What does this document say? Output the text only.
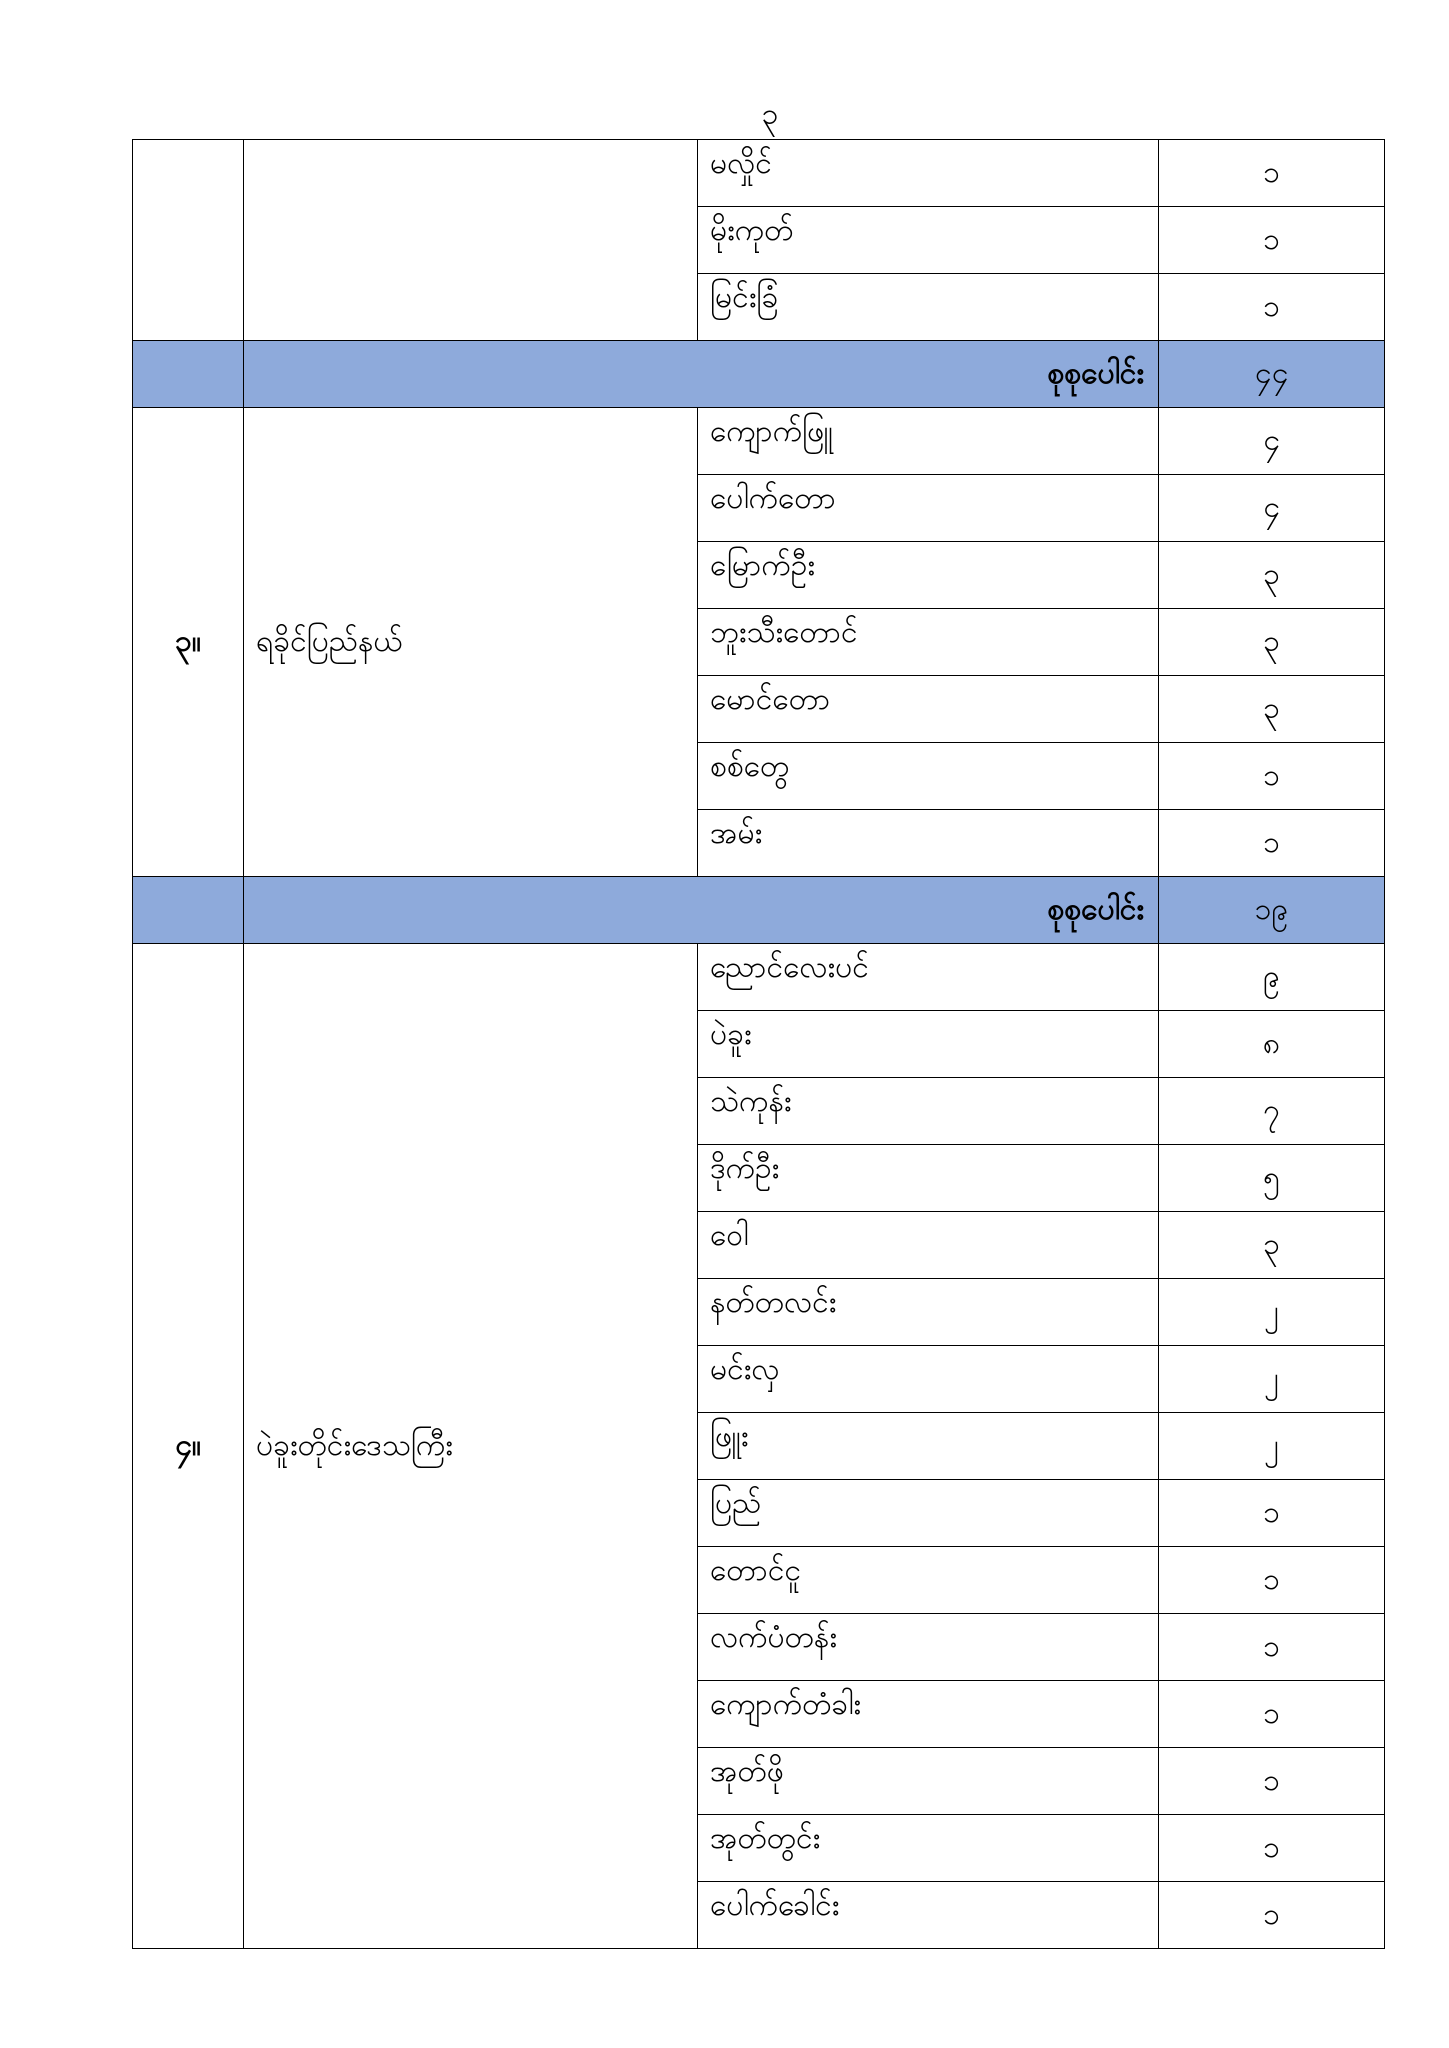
၃
		မလှိုင်	၁
		မိုးကုတ်	၁
		မြင်းခြံ	၁
	စုစုပေါင်း		၄၄
၃။	ရခိုင်ပြည်နယ်	ကျောက်ဖြူ	၄
		ပေါက်တော	၄
		မြောက်ဦး	၃
		ဘူးသီးတောင်	၃
		မောင်တော	၃
		စစ်တွေ	၁
		အမ်း	၁
	စုစုပေါင်း		၁၉
၄။	ပဲခူးတိုင်းဒေသကြီး	ညောင်လေးပင်	၉
		ပဲခူး	၈
		သဲကုန်း	၇
		ဒိုက်ဦး	၅
		ဝေါ	၃
		နတ်တလင်း	၂
		မင်းလှ	၂
		ဖြူး	၂
		ပြည်	၁
		တောင်ငူ	၁
		လက်ပံတန်း	၁
		ကျောက်တံခါး	၁
		အုတ်ဖို	၁
		အုတ်တွင်း	၁
		ပေါက်ခေါင်း	၁
